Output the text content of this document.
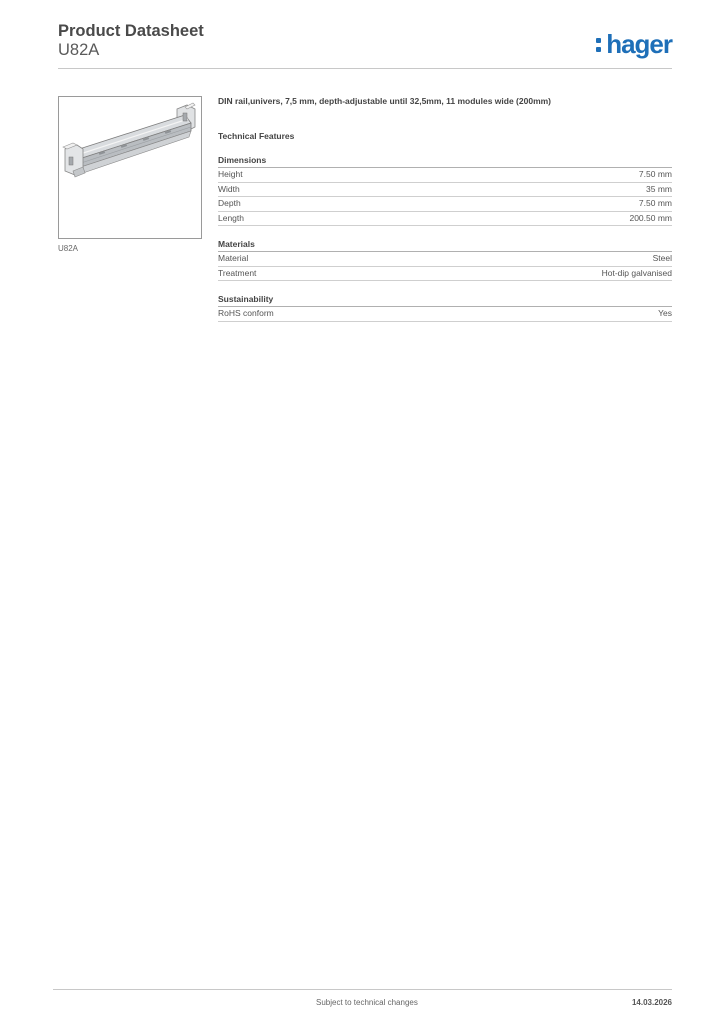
Product Datasheet
U82A	hager
U82A

DIN rail,univers, 7,5 mm, depth-adjustable until 32,5mm, 11 modules wide (200mm)

Technical Features
Dimensions
Height	7.50 mm
Width	35 mm
Depth	7.50 mm
Length	200.50 mm
Materials
Material	Steel
Treatment	Hot-dip galvanised
Sustainability
RoHS conform	Yes
Subject to technical changes	14.03.2026
